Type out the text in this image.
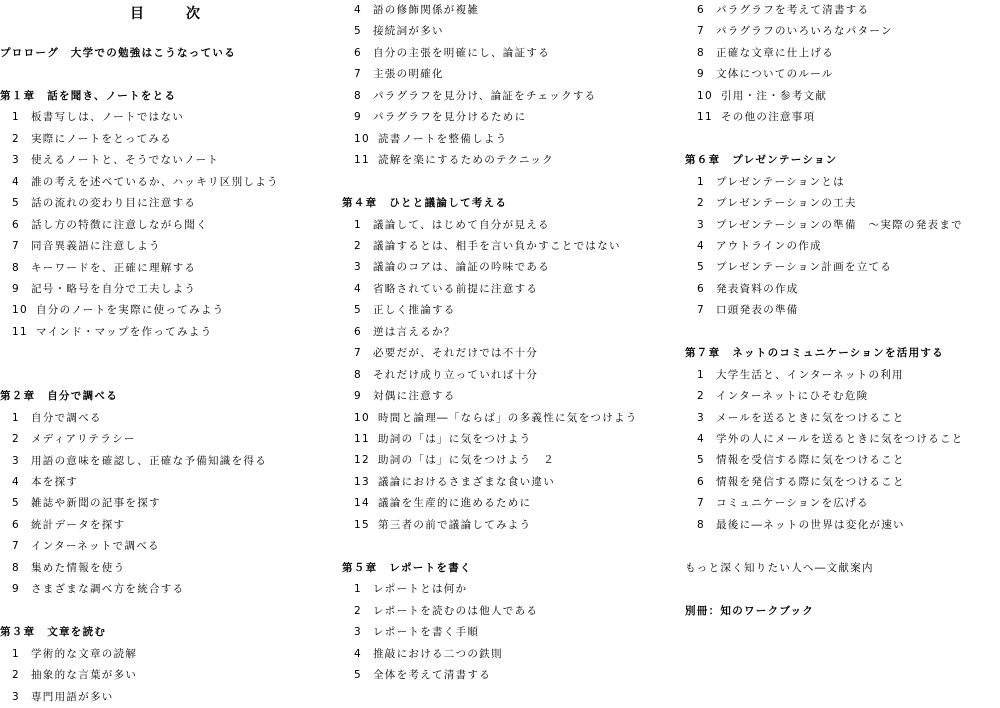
目　次
プロローグ　大学での勉強はこうなっている
第１章　話を聞き、ノートをとる
1 板書写しは、ノートではない
2 実際にノートをとってみる
3 使えるノートと、そうでないノート
4 誰の考えを述べているか、ハッキリ区別しよう
5 話の流れの変わり目に注意する
6 話し方の特徴に注意しながら聞く
7 同音異義語に注意しよう
8 キーワードを、正確に理解する
9 記号・略号を自分で工夫しよう
10 自分のノートを実際に使ってみよう
11 マインド・マップを作ってみよう
第２章　自分で調べる
1 自分で調べる
2 メディアリテラシー
3 用語の意味を確認し、正確な予備知識を得る
4 本を探す
5 雑誌や新聞の記事を探す
6 統計データを探す
7 インターネットで調べる
8 集めた情報を使う
9 さまざまな調べ方を統合する
第３章　文章を読む
1 学術的な文章の読解
2 抽象的な言葉が多い
3 専門用語が多い
4 語の修飾関係が複雑
5 接続詞が多い
6 自分の主張を明確にし、論証する
7 主張の明確化
8 パラグラフを見分け、論証をチェックする
9 パラグラフを見分けるために
10 読書ノートを整備しよう
11 読解を楽にするためのテクニック
第４章　ひとと議論して考える
1 議論して、はじめて自分が見える
2 議論するとは、相手を言い負かすことではない
3 議論のコアは、論証の吟味である
4 省略されている前提に注意する
5 正しく推論する
6 逆は言えるか？
7 必要だが、それだけでは不十分
8 それだけ成り立っていれば十分
9 対偶に注意する
10 時間と論理―「ならば」の多義性に気をつけよう
11 助詞の「は」に気をつけよう
12 助詞の「は」に気をつけよう　２
13 議論におけるさまざまな食い違い
14 議論を生産的に進めるために
15 第三者の前で議論してみよう
第５章　レポートを書く
1 レポートとは何か
2 レポートを読むのは他人である
3 レポートを書く手順
4 推敲における二つの鉄則
5 全体を考えて清書する
6 パラグラフを考えて清書する
7 パラグラフのいろいろなパターン
8 正確な文章に仕上げる
9 文体についてのルール
10 引用・注・参考文献
11 その他の注意事項
第６章　プレゼンテーション
1 プレゼンテーションとは
2 プレゼンテーションの工夫
3 プレゼンテーションの準備　～実際の発表まで
4 アウトラインの作成
5 プレゼンテーション計画を立てる
6 発表資料の作成
7 口頭発表の準備
第７章　ネットのコミュニケーションを活用する
1 大学生活と、インターネットの利用
2 インターネットにひそむ危険
3 メールを送るときに気をつけること
4 学外の人にメールを送るときに気をつけること
5 情報を受信する際に気をつけること
6 情報を発信する際に気をつけること
7 コミュニケーションを広げる
8 最後に―ネットの世界は変化が速い
もっと深く知りたい人へ―文献案内
別冊：知のワークブック
